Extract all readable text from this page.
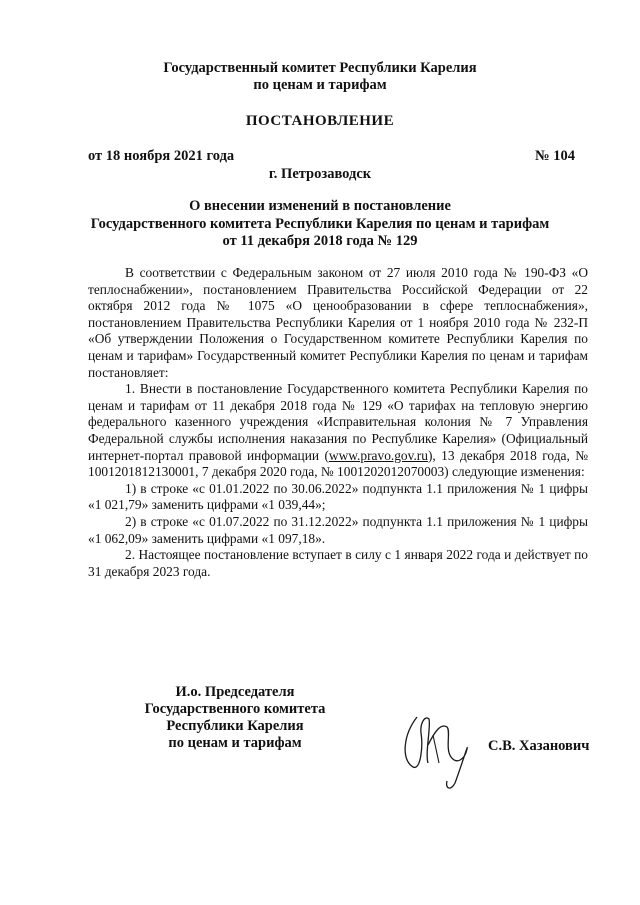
Государственный комитет Республики Карелия
по ценам и тарифам
ПОСТАНОВЛЕНИЕ
от 18 ноября 2021 года	№ 104
г. Петрозаводск
О внесении изменений в постановление
Государственного комитета Республики Карелия по ценам и тарифам
от 11 декабря 2018 года № 129

В соответствии с Федеральным законом от 27 июля 2010 года № 190-ФЗ «О теплоснабжении», постановлением Правительства Российской Федерации от 22 октября 2012 года № 1075 «О ценообразовании в сфере теплоснабжения», постановлением Правительства Республики Карелия от 1 ноября 2010 года № 232-П «Об утверждении Положения о Государственном комитете Республики Карелия по ценам и тарифам» Государственный комитет Республики Карелия по ценам и тарифам постановляет:

1. Внести в постановление Государственного комитета Республики Карелия по ценам и тарифам от 11 декабря 2018 года № 129 «О тарифах на тепловую энергию федерального казенного учреждения «Исправительная колония № 7 Управления Федеральной службы исполнения наказания по Республике Карелия» (Официальный интернет-портал правовой информации (www.pravo.gov.ru), 13 декабря 2018 года, № 1001201812130001, 7 декабря 2020 года, № 1001202012070003) следующие изменения:

1) в строке «с 01.01.2022 по 30.06.2022» подпункта 1.1 приложения № 1 цифры «1 021,79» заменить цифрами «1 039,44»;

2) в строке «с 01.07.2022 по 31.12.2022» подпункта 1.1 приложения № 1 цифры «1 062,09» заменить цифрами «1 097,18».

2. Настоящее постановление вступает в силу с 1 января 2022 года и действует по 31 декабря 2023 года.

И.о. Председателя
Государственного комитета
Республики Карелия
по ценам и тарифам	С.В. Хазанович
